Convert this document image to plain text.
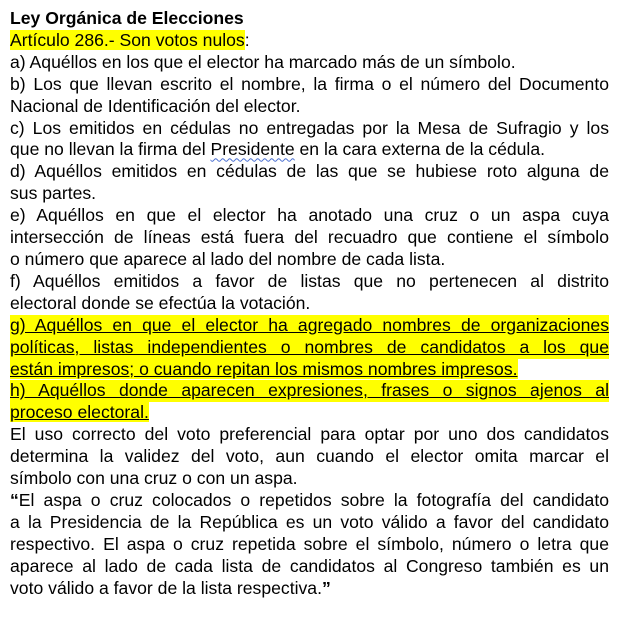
Ley Orgánica de Elecciones
Artículo 286.- Son votos nulos:
a) Aquéllos en los que el elector ha marcado más de un símbolo.
b) Los que llevan escrito el nombre, la firma o el número del Documento
Nacional de Identificación del elector.
c) Los emitidos en cédulas no entregadas por la Mesa de Sufragio y los
que no llevan la firma del Presidente en la cara externa de la cédula.
d) Aquéllos emitidos en cédulas de las que se hubiese roto alguna de
sus partes.
e) Aquéllos en que el elector ha anotado una cruz o un aspa cuya
intersección de líneas está fuera del recuadro que contiene el símbolo
o número que aparece al lado del nombre de cada lista.
f) Aquéllos emitidos a favor de listas que no pertenecen al distrito
electoral donde se efectúa la votación.
g) Aquéllos en que el elector ha agregado nombres de organizaciones
políticas, listas independientes o nombres de candidatos a los que
están impresos; o cuando repitan los mismos nombres impresos.
h) Aquéllos donde aparecen expresiones, frases o signos ajenos al
proceso electoral.
El uso correcto del voto preferencial para optar por uno dos candidatos
determina la validez del voto, aun cuando el elector omita marcar el
símbolo con una cruz o con un aspa.
“El aspa o cruz colocados o repetidos sobre la fotografía del candidato
a la Presidencia de la República es un voto válido a favor del candidato
respectivo. El aspa o cruz repetida sobre el símbolo, número o letra que
aparece al lado de cada lista de candidatos al Congreso también es un
voto válido a favor de la lista respectiva.”
